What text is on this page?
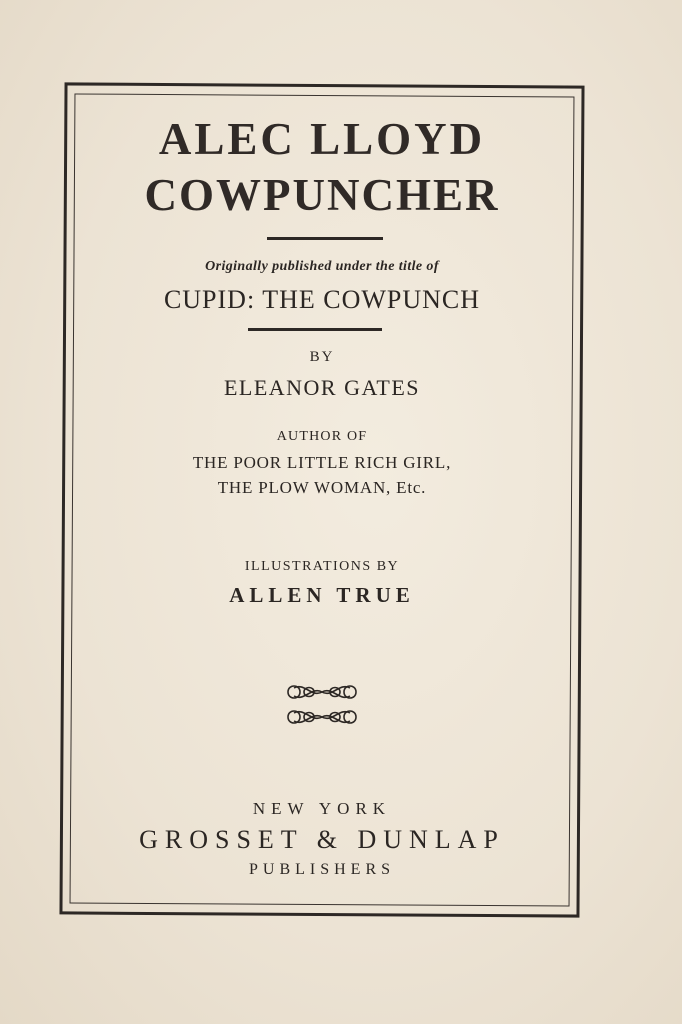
ALEC LLOYD

COWPUNCHER

Originally published under the title of

CUPID: THE COWPUNCH

BY

ELEANOR GATES

AUTHOR OF

THE POOR LITTLE RICH GIRL,

THE PLOW WOMAN, Etc.

ILLUSTRATIONS BY

ALLEN TRUE

NEW YORK

GROSSET & DUNLAP

PUBLISHERS
